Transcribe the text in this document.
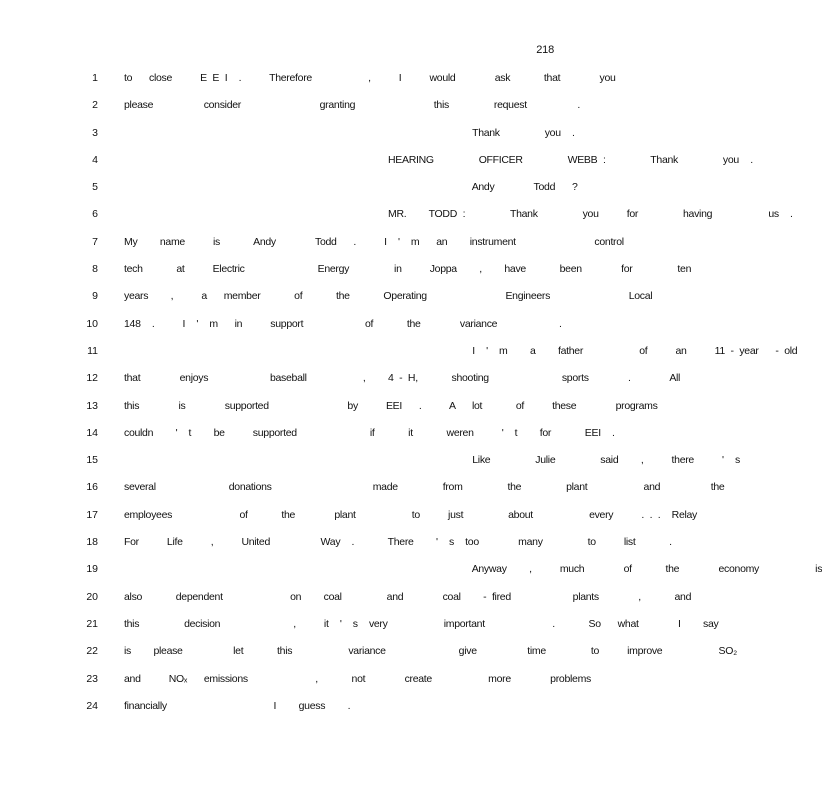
218
1 to   close     E E I  .     Therefore          ,     I     would       ask      that       you
2 please         consider              granting              this        request         .
3 Thank        you  .
4 HEARING        OFFICER        WEBB :        Thank        you  .
5 Andy       Todd   ?
6 MR.    TODD :        Thank        you     for        having          us  .
7 My    name     is      Andy       Todd   .     I  '  m   an    instrument              control
8 tech      at     Electric             Energy        in     Joppa    ,    have      been       for        ten
9 years    ,     a   member      of      the      Operating              Engineers              Local
10 148  .     I  '  m   in     support           of      the       variance           .
11 I  '  m    a    father          of     an     11 - year   - old
12 that       enjoys           baseball          ,    4 - H,      shooting             sports       .       All
13 this       is       supported              by     EEI   .     A   lot      of     these       programs
14 couldn    '  t    be     supported             if      it      weren     '  t    for      EEI  .
15 Like        Julie        said    ,     there     '  s
16 several             donations                  made        from        the        plant          and         the
17 employees            of      the       plant          to     just        about          every     . . .  Relay
18 For     Life     ,     United         Way  .      There    '  s  too       many        to     list      .
19 Anyway    ,     much       of      the       economy          is
20 also      dependent            on    coal        and       coal    - fired           plants       ,      and
21 this        decision             ,     it  '  s  very          important            .      So   what       I    say
22 is    please         let      this          variance             give         time        to     improve          SO₂
23 and     NOₓ   emissions            ,      not       create          more       problems
24 financially                   I    guess    .
